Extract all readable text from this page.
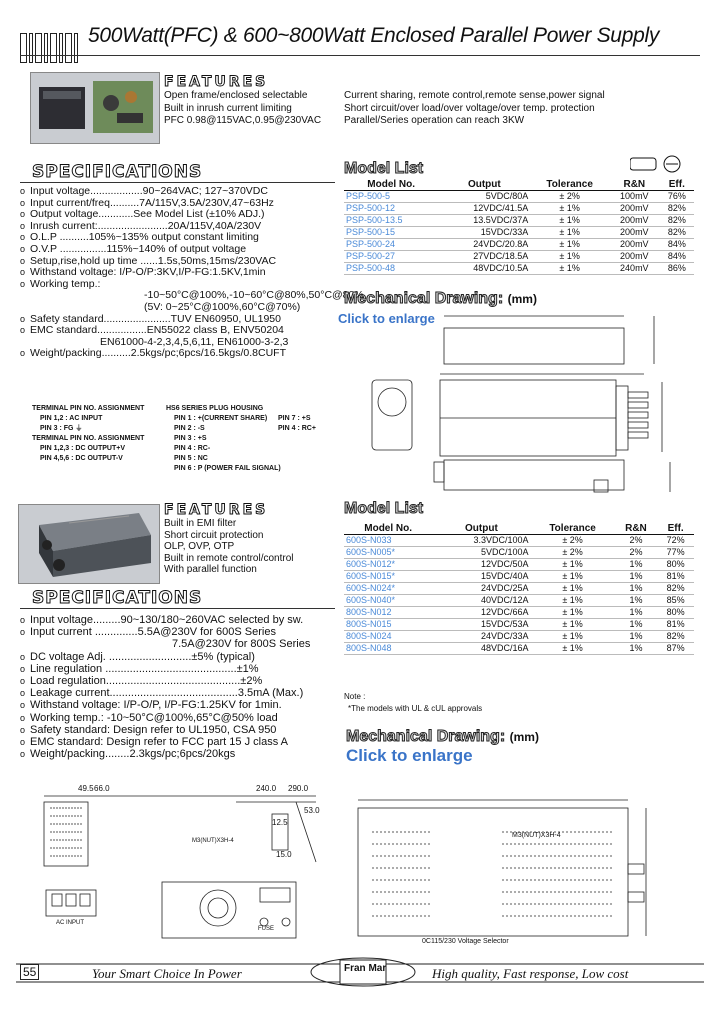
500Watt(PFC) & 600~800Watt Enclosed Parallel Power Supply
FEATURES
Open frame/enclosed selectable
Built in inrush current limiting
PFC 0.98@115VAC,0.95@230VAC
Current sharing, remote control,remote sense,power signal
Short circuit/over load/over voltage/over temp. protection
Parallel/Series operation can reach 3KW
SPECIFICATIONS
o Input voltage..................90~264VAC; 127~370VDC
o Input current/freq..........7A/115V,3.5A/230V,47~63Hz
o Output voltage............See Model List (±10% ADJ.)
o Inrush current:........................20A/115V,40A/230V
o O.L.P ..........105%~135% output constant limiting
o O.V.P ................115%~140% of output voltage
o Setup,rise,hold up time ......1.5s,50ms,15ms/230VAC
o Withstand voltage: I/P-O/P:3KV,I/P-FG:1.5KV,1min
o Working temp.:
-10~50°C@100%,-10~60°C@80%,50°C@80%
(5V: 0~25°C@100%,60°C@70%)
o Safety standard.......................TUV EN60950, UL1950
o EMC standard.................EN55022 class B, ENV50204
EN61000-4-2,3,4,5,6,11, EN61000-3-2,3
o Weight/packing..........2.5kgs/pc;6pcs/16.5kgs/0.8CUFT
Model List
Model No.	Output	Tolerance	R&N	Eff.
PSP-500-5	5VDC/80A	± 2%	100mV	76%
PSP-500-12	12VDC/41.5A	± 1%	200mV	82%
PSP-500-13.5	13.5VDC/37A	± 1%	200mV	82%
PSP-500-15	15VDC/33A	± 1%	200mV	82%
PSP-500-24	24VDC/20.8A	± 1%	200mV	84%
PSP-500-27	27VDC/18.5A	± 1%	200mV	84%
PSP-500-48	48VDC/10.5A	± 1%	240mV	86%
Mechanical Drawing: (mm)
Click to enlarge
TERMINAL PIN NO. ASSIGNMENT
PIN 1,2 : AC INPUT
PIN 3 : FG ⏚
TERMINAL PIN NO. ASSIGNMENT
PIN 1,2,3 : DC OUTPUT+V
PIN 4,5,6 : DC OUTPUT-V
HS6 SERIES PLUG HOUSING
PIN 1 : +(CURRENT SHARE)
PIN 2 : -S
PIN 3 : +S
PIN 4 : RC-
PIN 5 : NC
PIN 6 : P (POWER FAIL SIGNAL)
PIN 7 : +S
PIN 4 : RC+
FEATURES
Built in EMI filter
Short circuit protection
OLP, OVP, OTP
Built in remote control/control
With parallel function
SPECIFICATIONS
o Input voltage.........90~130/180~260VAC selected by sw.
o Input current ..............5.5A@230V for 600S Series
7.5A@230V for 800S Series
o DC voltage Adj. ...........................±5% (typical)
o Line regulation ...........................................±1%
o Load regulation............................................±2%
o Leakage current..........................................3.5mA (Max.)
o Withstand voltage: I/P-O/P, I/P-FG:1.25KV for 1min.
o Working temp.: -10~50°C@100%,65°C@50% load
o Safety standard: Design refer to UL1950, CSA 950
o EMC standard: Design refer to FCC part 15 J class A
o Weight/packing........2.3kgs/pc;6pcs/20kgs
Model List
Model No.	Output	Tolerance	R&N	Eff.
600S-N033	3.3VDC/100A	± 2%	2%	72%
600S-N005*	5VDC/100A	± 2%	2%	77%
600S-N012*	12VDC/50A	± 1%	1%	80%
600S-N015*	15VDC/40A	± 1%	1%	81%
600S-N024*	24VDC/25A	± 1%	1%	82%
600S-N040*	40VDC/12A	± 1%	1%	85%
800S-N012	12VDC/66A	± 1%	1%	80%
800S-N015	15VDC/53A	± 1%	1%	81%
800S-N024	24VDC/33A	± 1%	1%	82%
800S-N048	48VDC/16A	± 1%	1%	87%
Note :
*The models with UL & cUL approvals
Mechanical Drawing: (mm)
Click to enlarge
49.5 66.0	240.0 290.0
53.0
12.5
15.0
M3(NUT)X3H-4
AC INPUT
FUSE
M3(NUT)X3H-4
0C115/230 Voltage Selector
55	Your Smart Choice In Power	Fran Mar	High quality, Fast response, Low cost
